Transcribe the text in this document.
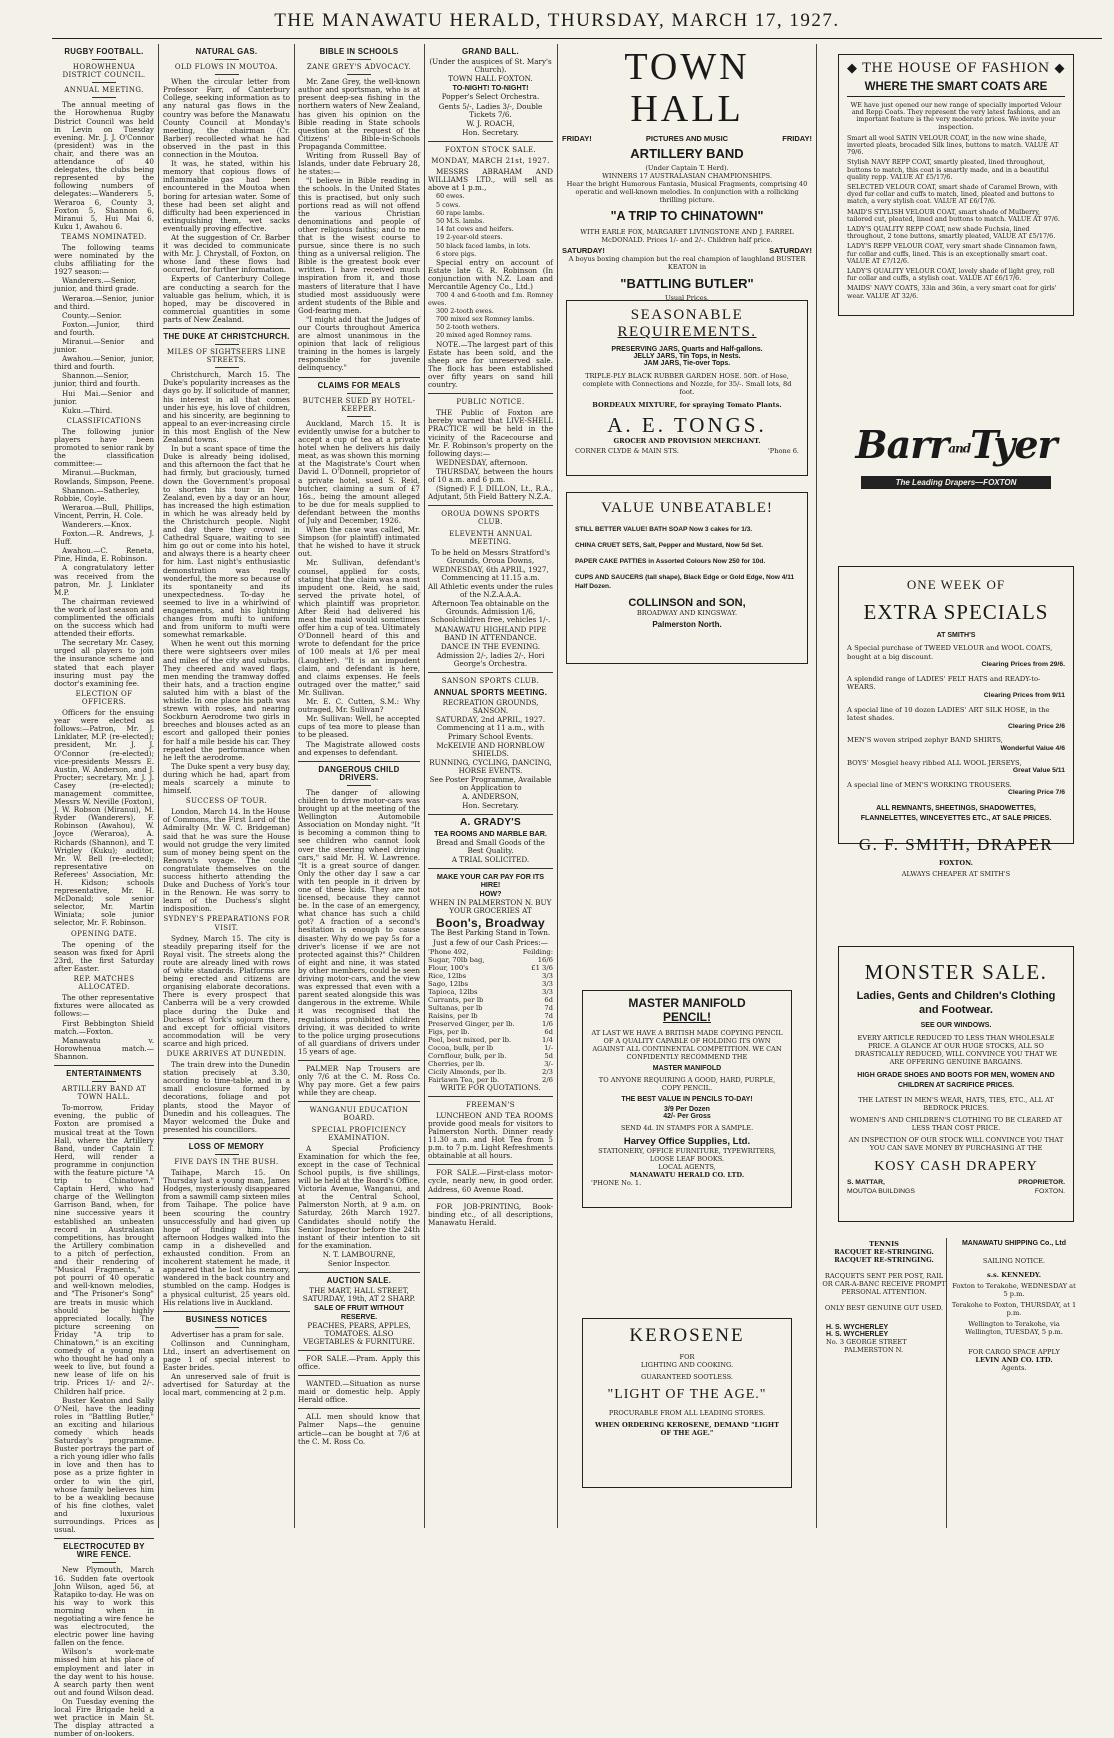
THE MANAWATU HERALD, THURSDAY, MARCH 17, 1927.
RUGBY FOOTBALL.
HOROWHENUA DISTRICT COUNCIL.
ANNUAL MEETING.

The annual meeting of the Horowhenua Rugby District Council was held in Levin on Tuesday evening. Mr. J. J. O'Connor (president) was in the chair, and there was an attendance of 40 delegates, the clubs being represented by the following numbers of delegates:—Wanderers 5, Weraroa 6, County 3, Foxton 5, Shannon 6, Miranui 5, Hui Mai 6, Kuku 1, Awahou 6.

TEAMS NOMINATED.

The following teams were nominated by the clubs affiliating for the 1927 season:—

Wanderers.—Senior, junior, and third grade.

Weraroa.—Senior, junior and third.

County.—Senior.

Foxton.—Junior, third and fourth.

Miranui.—Senior and junior.

Awahou.—Senior, junior, third and fourth.

Shannon.—Senior, junior, third and fourth.

Hui Mai.—Senior and junior.

Kuku.—Third.

CLASSIFICATIONS

The following junior players have been promoted to senior rank by the classification committee:—

Miranui.—Buckman, Rowlands, Simpson, Peene.

Shannon.—Satherley, Robbie, Coyle.

Weraroa.—Bull, Phillips, Vincent, Perrin, H. Cole.

Wanderers.—Knox.

Foxton.—R. Andrews, J. Huff.

Awahou.—C. Reneta, Pine, Hinda, E. Robinson.

A congratulatory letter was received from the patron, Mr. J. Linklater M.P.

The chairman reviewed the work of last season and complimented the officials on the success which had attended their efforts.

The secretary Mr. Casey, urged all players to join the insurance scheme and stated that each player insuring must pay the doctor's examining fee.

ELECTION OF OFFICERS.

Officers for the ensuing year were elected as follows:—Patron, Mr. J. Linklater, M.P. (re-elected); president, Mr. J. J. O'Connor (re-elected); vice-presidents Messrs E. Austin, W. Anderson, and J. Procter; secretary, Mr. J. J. Casey (re-elected); management committee, Messrs W. Neville (Foxton), J. W. Robson (Miranui), M. Ryder (Wanderers), F. Robinson (Awahou), W. Joyce (Weraroa), A. Richards (Shannon), and T. Wrigley (Kuku); auditor, Mr. W. Bell (re-elected); representative on Referees' Association, Mr. H. Kidson; schools representative, Mr. H. McDonald; sole senior selector, Mr. Martin Winiata; sole junior selector, Mr. F. Robinson.

OPENING DATE.

The opening of the season was fixed for April 23rd, the first Saturday after Easter.

REP. MATCHES ALLOCATED.

The other representative fixtures were allocated as follows:—

First Bebbington Shield match.—Foxton.

Manawatu v. Horowhenua match.—Shannon.

ENTERTAINMENTS
ARTILLERY BAND AT TOWN HALL.

To-morrow, Friday evening, the public of Foxton are promised a musical treat at the Town Hall, where the Artillery Band, under Captain T. Herd, will render a programme in conjunction with the feature picture "A trip to Chinatown." Captain Herd, who had charge of the Wellington Garrison Band, when, for nine successive years it established an unbeaten record in Australasian competitions, has brought the Artillery combination to a pitch of perfection, and their rendering of "Musical Fragments," a pot pourri of 40 operatic and well-known melodies, and "The Prisoner's Song" are treats in music which should be highly appreciated locally. The picture screening on Friday "A trip to Chinatown," is an exciting comedy of a young man who thought he had only a week to live, but found a new lease of life on his trip. Prices 1/- and 2/-. Children half price.

Buster Keaton and Sally O'Neil, have the leading roles in "Battling Butler," an exciting and hilarious comedy which heads Saturday's programme. Buster portrays the part of a rich young idler who falls in love and then has to pose as a prize fighter in order to win the girl, whose family believes him to be a weakling because of his fine clothes, valet and luxurious surroundings. Prices as usual.

ELECTROCUTED BY WIRE FENCE.

New Plymouth, March 16. Sudden fate overtook John Wilson, aged 56, at Ratapiko to-day. He was on his way to work this morning when in negotiating a wire fence he was electrocuted, the electric power line having fallen on the fence.

Wilson's work-mate missed him at his place of employment and later in the day went to his house. A search party then went out and found Wilson dead.

On Tuesday evening the local Fire Brigade held a wet practice in Main St. The display attracted a number of on-lookers.

NATURAL GAS.
OLD FLOWS IN MOUTOA.

When the circular letter from Professor Farr, of Canterbury College, seeking information as to any natural gas flows in the country was before the Manawatu County Council at Monday's meeting, the chairman (Cr. Barber) recollected what he had observed in the past in this connection in the Moutoa.

It was, he stated, within his memory that copious flows of inflammable gas had been encountered in the Moutoa when boring for artesian water. Some of these had been set alight and difficulty had been experienced in extinguishing them, wet sacks eventually proving effective.

At the suggestion of Cr. Barber it was decided to communicate with Mr. J. Chrystall, of Foxton, on whose land these flows had occurred, for further information.

Experts of Canterbury College are conducting a search for the valuable gas helium, which, it is hoped, may be discovered in commercial quantities in some parts of New Zealand.

THE DUKE AT CHRISTCHURCH.
MILES OF SIGHTSEERS LINE STREETS.

Christchurch, March 15. The Duke's popularity increases as the days go by. If solicitude of manner, his interest in all that comes under his eye, his love of children, and his sincerity, are beginning to appeal to an ever-increasing circle in this most English of the New Zealand towns.

In but a scant space of time the Duke is already being idolised, and this afternoon the fact that he had firmly, but graciously, turned down the Government's proposal to shorten his tour in New Zealand, even by a day or an hour, has increased the high estimation in which he was already held by the Christchurch people. Night and day there they crowd in Cathedral Square, waiting to see him go out or come into his hotel, and always there is a hearty cheer for him. Last night's enthusiastic demonstration was really wonderful, the more so because of its spontaneity and its unexpectedness. To-day he seemed to live in a whirlwind of engagements, and his lightning changes from mufti to uniform and from uniform to mufti were somewhat remarkable.

When he went out this morning there were sightseers over miles and miles of the city and suburbs. They cheered and waved flags, men mending the tramway doffed their hats, and a traction engine saluted him with a blast of the whistle. In one place his path was strewn with roses, and nearing Sockburn Aerodrome two girls in breeches and blouses acted as an escort and galloped their ponies for half a mile beside his car. They repeated the performance when he left the aerodrome.

The Duke spent a very busy day, during which he had, apart from meals scarcely a minute to himself.

SUCCESS OF TOUR.

London, March 14. In the House of Commons, the First Lord of the Admiralty (Mr. W. C. Bridgeman) said that he was sure the House would not grudge the very limited sum of money being spent on the Renown's voyage. The could congratulate themselves on the success hitherto attending the Duke and Duchess of York's tour in the Renown. He was sorry to learn of the Duchess's slight indisposition.

SYDNEY'S PREPARATIONS FOR VISIT.

Sydney, March 15. The city is steadily preparing itself for the Royal visit. The streets along the route are already lined with rows of white standards. Platforms are being erected and citizens are organising elaborate decorations. There is every prospect that Canberra will be a very crowded place during the Duke and Duchess of York's sojourn there, and except for official visitors accommodation will be very scarce and high priced.

DUKE ARRIVES AT DUNEDIN.

The train drew into the Dunedin station precisely at 3.30, according to time-table, and in a small enclosure formed by decorations, foliage and pot plants, stood the Mayor of Dunedin and his colleagues. The Mayor welcomed the Duke and presented his councillors.

LOSS OF MEMORY
FIVE DAYS IN THE BUSH.

Taihape, March 15. On Thursday last a young man, James Hodges, mysteriously disappeared from a sawmill camp sixteen miles from Taihape. The police have been scouring the country unsuccessfully and had given up hope of finding him. This afternoon Hodges walked into the camp in a dishevelled and exhausted condition. From an incoherent statement he made, it appeared that he lost his memory, wandered in the back country and stumbled on the camp. Hodges is a physical culturist, 25 years old. His relations live in Auckland.

BUSINESS NOTICES

Advertiser has a pram for sale.

Collinson and Cunningham, Ltd., insert an advertisement on page 1 of special interest to Easter brides.

An unreserved sale of fruit is advertised for Saturday at the local mart, commencing at 2 p.m.

BIBLE IN SCHOOLS
ZANE GREY'S ADVOCACY.

Mr. Zane Grey, the well-known author and sportsman, who is at present deep-sea fishing in the northern waters of New Zealand, has given his opinion on the Bible reading in State schools question at the request of the Citizens' Bible-in-Schools Propaganda Committee.

Writing from Russell Bay of Islands, under date February 28, he states:—

"I believe in Bible reading in the schools. In the United States this is practised, but only such portions read as will not offend the various Christian denominations and people of other religious faiths; and to me that is the wisest course to pursue, since there is no such thing as a universal religion. The Bible is the greatest book ever written. I have received much inspiration from it, and those masters of literature that I have studied most assiduously were ardent students of the Bible and God-fearing men.

"I might add that the Judges of our Courts throughout America are almost unanimous in the opinion that lack of religious training in the homes is largely responsible for juvenile delinquency."

CLAIMS FOR MEALS
BUTCHER SUED BY HOTEL-KEEPER.

Auckland, March 15. It is evidently unwise for a butcher to accept a cup of tea at a private hotel when he delivers his daily meat, as was shown this morning at the Magistrate's Court when David L. O'Donnell, proprietor of a private hotel, sued S. Reid, butcher, claiming a sum of £7 16s., being the amount alleged to be due for meals supplied to defendant between the months of July and December, 1926.

When the case was called, Mr. Simpson (for plaintiff) intimated that he wished to have it struck out.

Mr. Sullivan, defendant's counsel, applied for costs, stating that the claim was a most impudent one. Reid, he said, served the private hotel, of which plaintiff was proprietor. After Reid had delivered his meat the maid would sometimes offer him a cup of tea. Ultimately O'Donnell heard of this and wrote to defendant for the price of 100 meals at 1/6 per meal (Laughter). "It is an impudent claim, and defendant is here, and claims expenses. He feels outraged over the matter," said Mr. Sullivan.

Mr. E. C. Cutten, S.M.: Why outraged, Mr. Sullivan?

Mr. Sullivan: Well, he accepted cups of tea more to please than to be pleased.

The Magistrate allowed costs and expenses to defendant.

DANGEROUS CHILD DRIVERS.

The danger of allowing children to drive motor-cars was brought up at the meeting of the Wellington Automobile Association on Monday night. "It is becoming a common thing to see children who cannot look over the steering wheel driving cars," said Mr. H. W. Lawrence. "It is a great source of danger. Only the other day I saw a car with ten people in it driven by one of these kids. They are not licensed, because they cannot be. In the case of an emergency, what chance has such a child got? A fraction of a second's hesitation is enough to cause disaster. Why do we pay 5s for a driver's license if we are not protected against this?" Children of eight and nine, it was stated by other members, could be seen driving motor-cars, and the view was expressed that even with a parent seated alongside this was dangerous in the extreme. While it was recognised that the regulations prohibited children driving, it was decided to write to the police urging prosecutions of all guardians of drivers under 15 years of age.

PALMER Nap Trousers are only 7/6 at the C. M. Ross Co. Why pay more. Get a few pairs while they are cheap.

WANGANUI EDUCATION BOARD.
SPECIAL PROFICIENCY EXAMINATION.

A Special Proficiency Examination for which the fee, except in the case of Technical School pupils, is five shillings, will be held at the Board's Office, Victoria Avenue, Wanganui, and at the Central School, Palmerston North, at 9 a.m. on Saturday, 26th March 1927. Candidates should notify the Senior Inspector before the 24th instant of their intention to sit for the examination.

N. T. LAMBOURNE,

Senior Inspector.

AUCTION SALE.

THE MART, HALL STREET, SATURDAY, 19th, AT 2 SHARP.

SALE OF FRUIT WITHOUT RESERVE.

PEACHES, PEARS, APPLES, TOMATOES. ALSO VEGETABLES & FURNITURE.

FOR SALE.—Pram. Apply this office.

WANTED.—Situation as nurse maid or domestic help. Apply Herald office.

ALL men should know that Palmer Naps—the genuine article—can be bought at 7/6 at the C. M. Ross Co.

GRAND BALL.

(Under the auspices of St. Mary's Church).

TOWN HALL FOXTON.

TO-NIGHT! TO-NIGHT!

Popper's Select Orchestra.

Gents 5/-, Ladies 3/-, Double Tickets 7/6.

W. J. ROACH,

Hon. Secretary.

FOXTON STOCK SALE.
MONDAY, MARCH 21st, 1927.

MESSRS ABRAHAM AND WILLIAMS LTD., will sell as above at 1 p.m.,

60 ewes.

5 cows.

60 rape lambs.

50 M.S. lambs.

14 fat cows and heifers.

19 2-year-old steers.

50 black faced lambs, in lots.

6 store pigs.

Special entry on account of Estate late G. R. Robinson (In conjunction with N.Z. Loan and Mercantile Agency Co., Ltd.)

700 4 and 6-tooth and f.m. Romney ewes.

300 2-tooth ewes.

700 mixed sex Romney lambs.

50 2-tooth wethers.

20 mixed aged Romney rams.

NOTE.—The largest part of this Estate has been sold, and the sheep are for unreserved sale. The flock has been established over fifty years on sand hill country.

PUBLIC NOTICE.

THE Public of Foxton are hereby warned that LIVE-SHELL PRACTICE will be held in the vicinity of the Racecourse and Mr. F. Robinson's property on the following days:—

WEDNESDAY, afternoon.

THURSDAY, between the hours of 10 a.m. and 6 p.m.

(Signed) F. J. DILLON, Lt., R.A., Adjutant, 5th Field Battery N.Z.A.

OROUA DOWNS SPORTS CLUB.
ELEVENTH ANNUAL MEETING.

To be held on Messrs Stratford's Grounds, Oroua Downs,

WEDNESDAY, 6th APRIL, 1927, Commencing at 11.15 a.m.

All Athletic events under the rules of the N.Z.A.A.A.

Afternoon Tea obtainable on the Grounds. Admission 1/6, Schoolchildren free, vehicles 1/-.

MANAWATU HIGHLAND PIPE BAND IN ATTENDANCE.

DANCE IN THE EVENING.

Admission 2/-, ladies 2/-, Hori George's Orchestra.

SANSON SPORTS CLUB.
ANNUAL SPORTS MEETING.

RECREATION GROUNDS, SANSON.

SATURDAY, 2nd APRIL, 1927. Commencing at 11 a.m., with Primary School Events.

McKELVIE AND HORNBLOW SHIELDS.

RUNNING, CYCLING, DANCING, HORSE EVENTS.

See Poster Programme, Available on Application to

A. ANDERSON,

Hon. Secretary.

A. GRADY'S

TEA ROOMS AND MARBLE BAR.

Bread and Small Goods of the Best Quality.

A TRIAL SOLICITED.

MAKE YOUR CAR PAY FOR ITS HIRE!

HOW?

WHEN IN PALMERSTON N. BUY YOUR GROCERIES AT

Boon's, Broadway

The Best Parking Stand in Town.

Just a few of our Cash Prices:—

'Phone 492,	Feilding:
Sugar, 70lb bag,	16/6
Flour, 100's	£1 3/6
Rice, 12lbs	3/3
Sago, 12lbs	3/3
Tapioca, 12lbs	3/3
Currants, per lb	6d
Sultanas, per lb	7d
Raisins, per lb	7d
Preserved Ginger, per lb.	1/6
Figs, per lb.	6d
Peel, best mixed, per lb.	1/4
Cocoa, bulk, per lb	1/-
Cornflour, bulk, per lb.	5d
Cherries, per lb.	3/-
Cicily Almonds, per lb.	2/3
Fairlawn Tea, per lb.	2/6

WRITE FOR QUOTATIONS.

FREEMAN'S

LUNCHEON AND TEA ROOMS provide good meals for visitors to Palmerston North. Dinner ready 11.30 a.m. and Hot Tea from 5 p.m. to 7 p.m. Light Refreshments obtainable at all hours.

FOR SALE.—First-class motor-cycle, nearly new, in good order. Address, 60 Avenue Road.

FOR JOB-PRINTING, Book-binding etc., of all descriptions, Manawatu Herald.

TOWN HALL
FRIDAY!	PICTURES AND MUSIC	FRIDAY!
ARTILLERY BAND
(Under Captain T. Herd).
WINNERS 17 AUSTRALASIAN CHAMPIONSHIPS.
Hear the bright Humorous Fantasia, Musical Fragments, comprising 40 operatic and well-known melodies. In conjunction with a rollicking thrilling picture.
"A TRIP TO CHINATOWN"
WITH EARLE FOX, MARGARET LIVINGSTONE AND J. FARREL McDONALD. Prices 1/- and 2/-. Children half price.
SATURDAY!	SATURDAY!
A boyus boxing champion but the real champion of laughland BUSTER KEATON in
"BATTLING BUTLER"
Usual Prices.
SEASONABLE
REQUIREMENTS.
PRESERVING JARS, Quarts and Half-gallons.
JELLY JARS, Tin Tops, in Nests.
JAM JARS, Tie-over Tops.
TRIPLE-PLY BLACK RUBBER GARDEN HOSE. 50ft. of Hose, complete with Connections and Nozzle, for 35/-. Small lots, 8d foot.
BORDEAUX MIXTURE, for spraying Tomato Plants.
A. E. TONGS.
GROCER AND PROVISION MERCHANT.
CORNER CLYDE & MAIN STS.	'Phone 6.
VALUE UNBEATABLE!
STILL BETTER VALUE! BATH SOAP Now 3 cakes for 1/3.
CHINA CRUET SETS, Salt, Pepper and Mustard, Now 5d Set.
PAPER CAKE PATTIES in Assorted Colours Now 250 for 10d.
CUPS AND SAUCERS (tall shape), Black Edge or Gold Edge, Now 4/11 Half Dozen.
COLLINSON and SON,
BROADWAY AND KINGSWAY.
Palmerston North.
MASTER MANIFOLD
PENCIL!
AT LAST WE HAVE A BRITISH MADE COPYING PENCIL OF A QUALITY CAPABLE OF HOLDING ITS OWN AGAINST ALL CONTINENTAL COMPETITION. WE CAN CONFIDENTLY RECOMMEND THE
MASTER MANIFOLD
TO ANYONE REQUIRING A GOOD, HARD, PURPLE, COPY PENCIL.
THE BEST VALUE IN PENCILS TO-DAY!
3/9 Per Dozen
42/- Per Gross
SEND 4d. IN STAMPS FOR A SAMPLE.
Harvey Office Supplies, Ltd.
STATIONERY, OFFICE FURNITURE, TYPEWRITERS, LOOSE LEAF BOOKS.
LOCAL AGENTS,
MANAWATU HERALD CO. LTD.
'PHONE No. 1.
KEROSENE
FOR
LIGHTING AND COOKING.
GUARANTEED SOOTLESS.
"LIGHT OF THE AGE."
PROCURABLE FROM ALL LEADING STORES.
WHEN ORDERING KEROSENE, DEMAND "LIGHT OF THE AGE."
◆ THE HOUSE OF FASHION ◆
WHERE THE SMART COATS ARE
WE have just opened our new range of specially imported Velour and Repp Coats. They represent the very latest fashions, and an important feature is the very moderate prices. We invite your inspection.
Smart all wool SATIN VELOUR COAT, in the new wine shade, inverted pleats, brocaded Silk lines, buttons to match. VALUE AT 79/6.
Stylish NAVY REPP COAT, smartly pleated, lined throughout, buttons to match, this coat is smartly made, and in a beautiful quality repp. VALUE AT £5/17/6.
SELECTED VELOUR COAT, smart shade of Caramel Brown, with dyed fur collar and cuffs to match, lined, pleated and buttons to match, a very stylish coat. VALUE AT £6/17/6.
MAID'S STYLISH VELOUR COAT, smart shade of Mulberry, tailored cut, pleated, lined and buttons to match. VALUE AT 97/6.
LADY'S QUALITY REPP COAT, new shade Fuchsia, lined throughout, 2 tone buttons, smartly pleated, VALUE AT £5/17/6.
LADY'S REPP VELOUR COAT, very smart shade Cinnamon fawn, fur collar and cuffs, lined. This is an exceptionally smart coat. VALUE AT £7/12/6.
LADY'S QUALITY VELOUR COAT, lovely shade of light grey, roll fur collar and cuffs, a stylish coat. VALUE AT £6/17/6.
MAIDS' NAVY COATS, 33in and 36in, a very smart coat for girls' wear. VALUE AT 32/6.
BarrandTyer
The Leading Drapers—FOXTON
ONE WEEK OF
EXTRA SPECIALS
AT SMITH'S
A Special purchase of TWEED VELOUR and WOOL COATS, bought at a big discount.
Clearing Prices from 29/6.
A splendid range of LADIES' FELT HATS and READY-to-WEARS.
Clearing Prices from 9/11
A special line of 10 dozen LADIES' ART SILK HOSE, in the latest shades.
Clearing Price 2/6
MEN'S woven striped zephyr BAND SHIRTS,
Wonderful Value 4/6
BOYS' Mosgiel heavy ribbed ALL WOOL JERSEYS,
Great Value 5/11
A special line of MEN'S WORKING TROUSERS.
Clearing Price 7/6
ALL REMNANTS, SHEETINGS, SHADOWETTES, FLANNELETTES, WINCEYETTES ETC., AT SALE PRICES.
G. F. SMITH, DRAPER
FOXTON.
ALWAYS CHEAPER AT SMITH'S
MONSTER SALE.
Ladies, Gents and Children's Clothing and Footwear.
SEE OUR WINDOWS.
EVERY ARTICLE REDUCED TO LESS THAN WHOLESALE PRICE. A GLANCE AT OUR HUGE STOCKS, ALL SO DRASTICALLY REDUCED, WILL CONVINCE YOU THAT WE ARE OFFERING GENUINE BARGAINS.
HIGH GRADE SHOES AND BOOTS FOR MEN, WOMEN AND CHILDREN AT SACRIFICE PRICES.
THE LATEST IN MEN'S WEAR, HATS, TIES, ETC., ALL AT BEDROCK PRICES.
WOMEN'S AND CHILDREN'S CLOTHING TO BE CLEARED AT LESS THAN COST PRICE.
AN INSPECTION OF OUR STOCK WILL CONVINCE YOU THAT YOU CAN SAVE MONEY BY PURCHASING AT THE
KOSY CASH DRAPERY
S. MATTAR,	PROPRIETOR.
MOUTOA BUILDINGS	FOXTON.
TENNIS
RACQUET RE-STRINGING.
RACQUET RE-STRINGING.
RACQUETS SENT PER POST, RAIL OR CAR-A-BANC RECEIVE PROMPT PERSONAL ATTENTION.
ONLY BEST GENUINE GUT USED.
H. S. WYCHERLEY
H. S. WYCHERLEY
No. 3 GEORGE STREET
PALMERSTON N.
MANAWATU SHIPPING Co., Ltd
SAILING NOTICE.
s.s. KENNEDY.
Foxton to Terakohe, WEDNESDAY at 5 p.m.
Terakohe to Foxton, THURSDAY, at 1 p.m.
Wellington to Terakohe, via Wellington, TUESDAY, 5 p.m.
FOR CARGO SPACE APPLY
LEVIN AND CO. LTD.
Agents.
